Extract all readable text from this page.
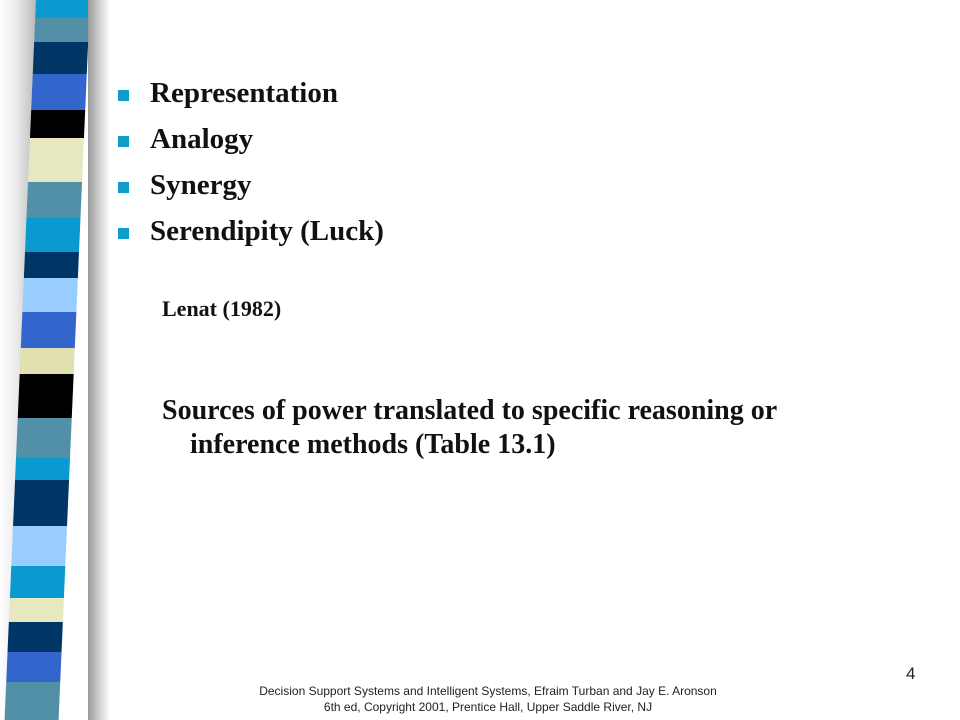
Representation
Analogy
Synergy
Serendipity (Luck)
Lenat (1982)
Sources of power translated to specific reasoning or
inference methods (Table 13.1)
4
Decision Support Systems and Intelligent Systems, Efraim Turban and Jay E. Aronson
6th ed, Copyright 2001, Prentice Hall, Upper Saddle River, NJ
